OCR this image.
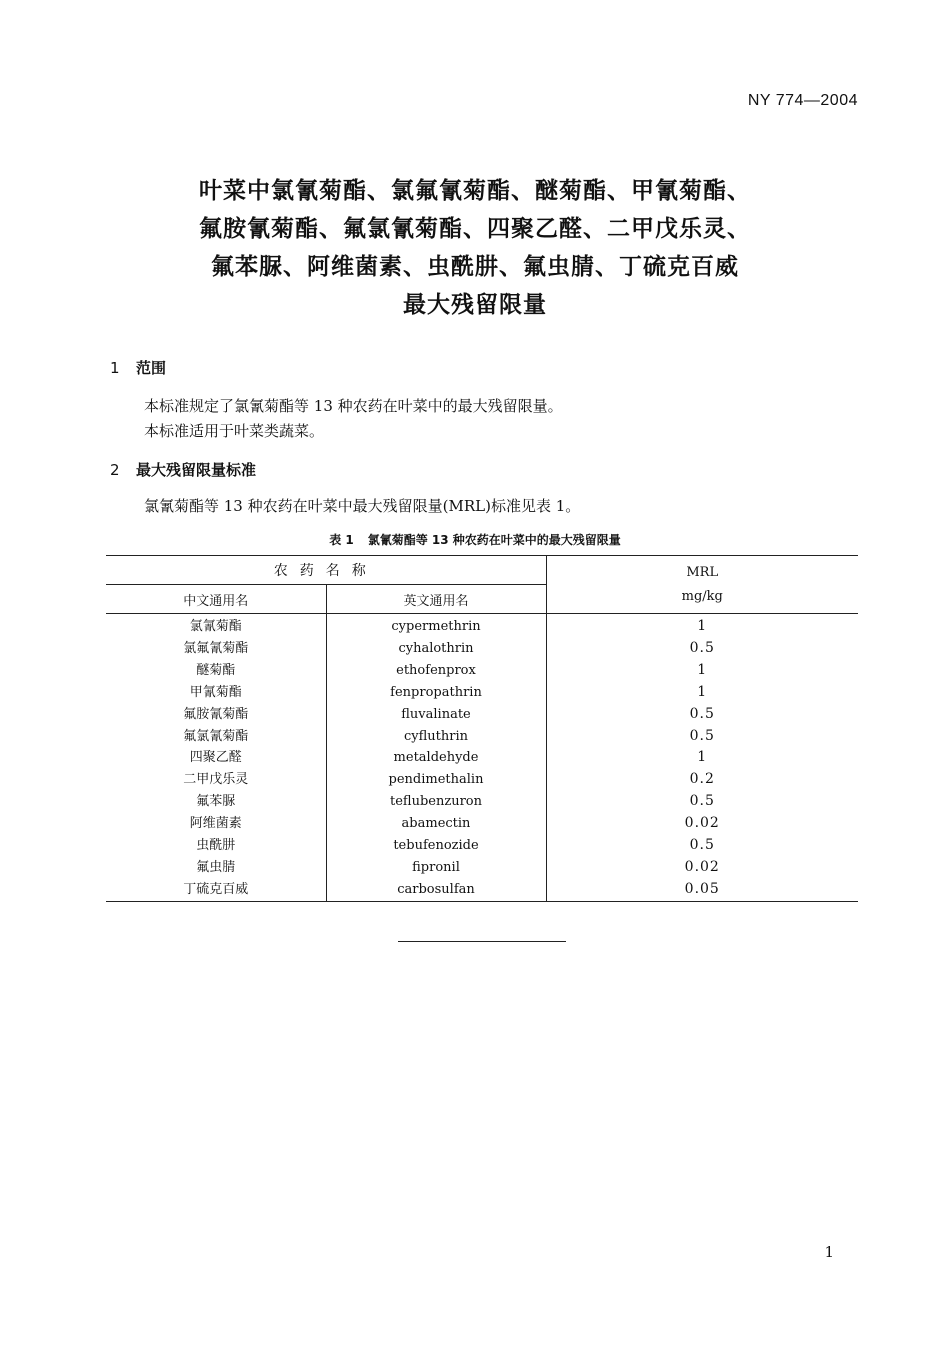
NY 774—2004
叶菜中氯氰菊酯、氯氟氰菊酯、醚菊酯、甲氰菊酯、
氟胺氰菊酯、氟氯氰菊酯、四聚乙醛、二甲戊乐灵、
氟苯脲、阿维菌素、虫酰肼、氟虫腈、丁硫克百威
最大残留限量
1 范围
本标准规定了氯氰菊酯等 13 种农药在叶菜中的最大残留限量。
本标准适用于叶菜类蔬菜。
2 最大残留限量标准
氯氰菊酯等 13 种农药在叶菜中最大残留限量(MRL)标准见表 1。
表 1 氯氰菊酯等 13 种农药在叶菜中的最大残留限量
农药名称		MRL
mg/kg

中文通用名	英文通用名	
氯氰菊酯	cypermethrin	1
氯氟氰菊酯	cyhalothrin	0.5
醚菊酯	ethofenprox	1
甲氰菊酯	fenpropathrin	1
氟胺氰菊酯	fluvalinate	0.5
氟氯氰菊酯	cyfluthrin	0.5
四聚乙醛	metaldehyde	1
二甲戊乐灵	pendimethalin	0.2
氟苯脲	teflubenzuron	0.5
阿维菌素	abamectin	0.02
虫酰肼	tebufenozide	0.5
氟虫腈	fipronil	0.02
丁硫克百威	carbosulfan	0.05
1
